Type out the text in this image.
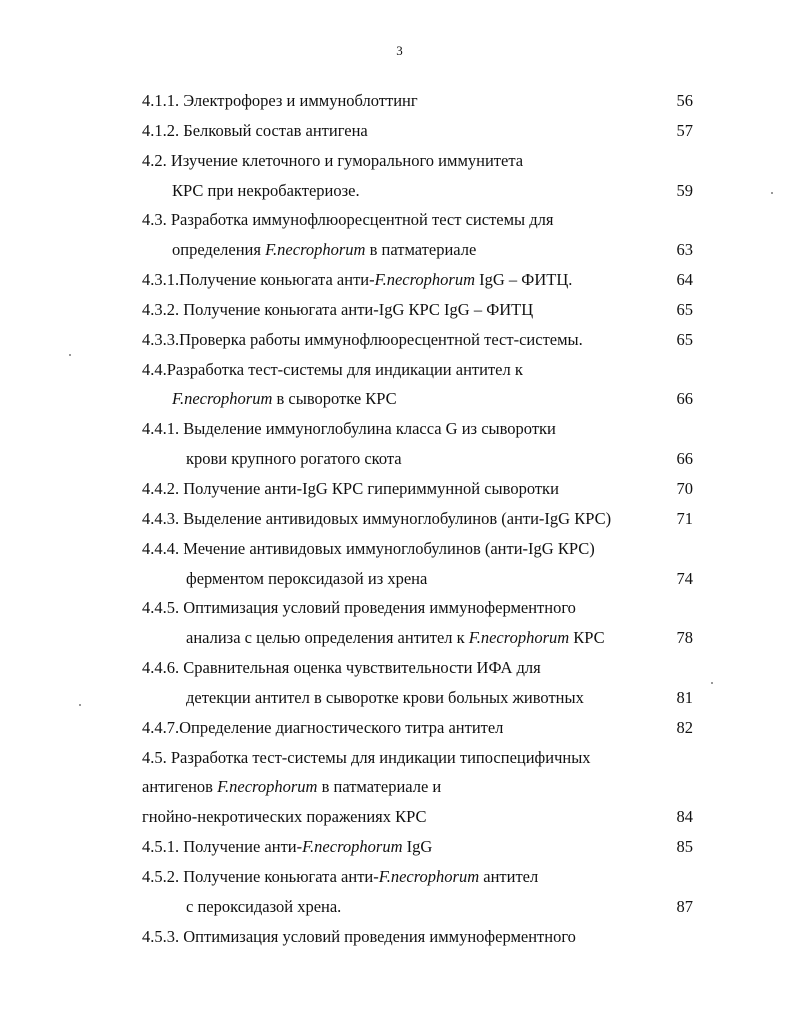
3
4.1.1. Электрофорез и иммуноблоттинг	56
4.1.2. Белковый состав антигена	57
4.2. Изучение клеточного и гуморального иммунитета
КРС при некробактериозе.	59
4.3. Разработка иммунофлюоресцентной тест системы для
определения F.necrophorum в патматериале	63
4.3.1.Получение коньюгата анти-F.necrophorum IgG – ФИТЦ.	64
4.3.2. Получение коньюгата анти-IgG КРС IgG – ФИТЦ	65
4.3.3.Проверка работы иммунофлюоресцентной тест-системы.	65
4.4.Разработка тест-системы для индикации антител к
F.necrophorum в сыворотке КРС	66
4.4.1. Выделение иммуноглобулина класса G из сыворотки
крови крупного рогатого скота	66
4.4.2. Получение анти-IgG КРС гипериммунной сыворотки	70
4.4.3. Выделение антивидовых иммуноглобулинов (анти-IgG КРС)	71
4.4.4. Мечение антивидовых иммуноглобулинов (анти-IgG КРС)
ферментом пероксидазой из хрена	74
4.4.5. Оптимизация условий проведения иммуноферментного
анализа с целью определения антител к F.necrophorum КРС	78
4.4.6. Сравнительная оценка чувствительности ИФА для
детекции антител в сыворотке крови больных животных	81
4.4.7.Определение диагностического титра антител	82
4.5. Разработка тест-системы для индикации типоспецифичных
антигенов F.necrophorum в патматериале и
гнойно-некротических поражениях КРС	84
4.5.1. Получение анти-F.necrophorum IgG	85
4.5.2. Получение коньюгата анти-F.necrophorum антител
с пероксидазой хрена.	87
4.5.3. Оптимизация условий проведения иммуноферментного
